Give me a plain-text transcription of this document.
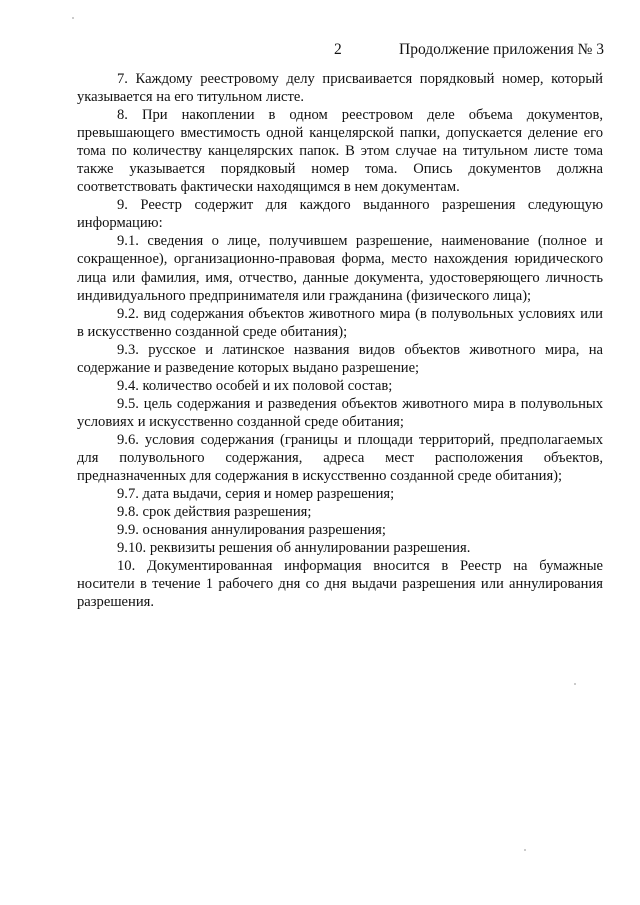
2	Продолжение приложения № 3

7. Каждому реестровому делу присваивается порядковый номер, который указывается на его титульном листе.

8. При накоплении в одном реестровом деле объема документов, превышающего вместимость одной канцелярской папки, допускается деление его тома по количеству канцелярских папок. В этом случае на титульном листе тома также указывается порядковый номер тома. Опись документов должна соответствовать фактически находящимся в нем документам.

9. Реестр содержит для каждого выданного разрешения следующую информацию:

9.1. сведения о лице, получившем разрешение, наименование (полное и сокращенное), организационно-правовая форма, место нахождения юридического лица или фамилия, имя, отчество, данные документа, удостоверяющего личность индивидуального предпринимателя или гражданина (физического лица);

9.2. вид содержания объектов животного мира (в полувольных условиях или в искусственно созданной среде обитания);

9.3. русское и латинское названия видов объектов животного мира, на содержание и разведение которых выдано разрешение;

9.4. количество особей и их половой состав;

9.5. цель содержания и разведения объектов животного мира в полувольных условиях и искусственно созданной среде обитания;

9.6. условия содержания (границы и площади территорий, предполагаемых для полувольного содержания, адреса мест расположения объектов, предназначенных для содержания в искусственно созданной среде обитания);

9.7. дата выдачи, серия и номер разрешения;

9.8. срок действия разрешения;

9.9. основания аннулирования разрешения;

9.10. реквизиты решения об аннулировании разрешения.

10. Документированная информация вносится в Реестр на бумажные носители в течение 1 рабочего дня со дня выдачи разрешения или аннулирования разрешения.
